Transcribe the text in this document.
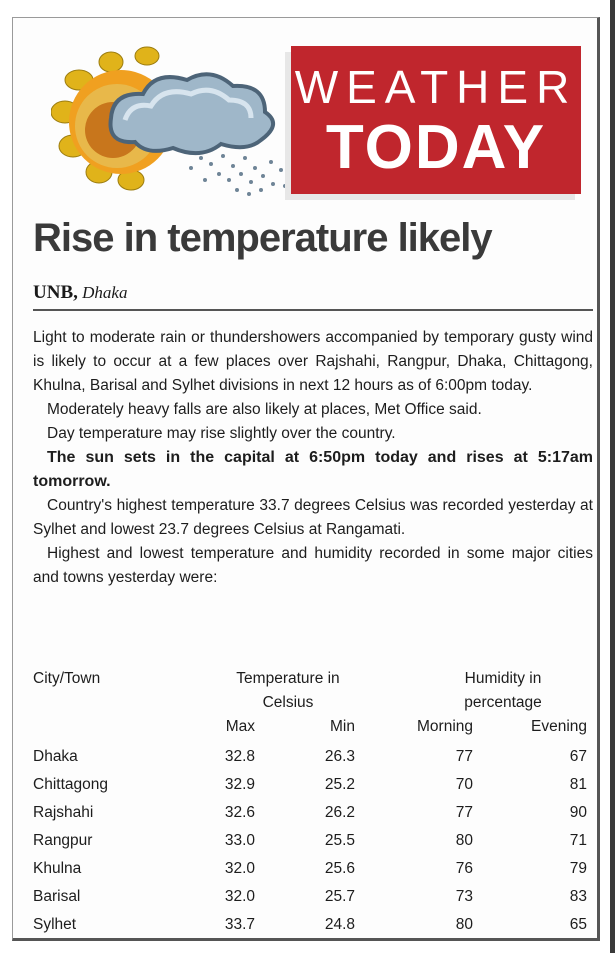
WEATHER
TODAY
Rise in temperature likely
UNB, Dhaka

Light to moderate rain or thundershowers accompanied by temporary gusty wind is likely to occur at a few places over Rajshahi, Rangpur, Dhaka, Chittagong, Khulna, Barisal and Sylhet divisions in next 12 hours as of 6:00pm today.

Moderately heavy falls are also likely at places, Met Office said.

Day temperature may rise slightly over the country.

The sun sets in the capital at 6:50pm today and rises at 5:17am tomorrow.

Country's highest temperature 33.7 degrees Celsius was recorded yesterday at Sylhet and lowest 23.7 degrees Celsius at Rangamati.

Highest and lowest temperature and humidity recorded in some major cities and towns yesterday were:

City/Town	Temperature in	Humidity in
Celsius	percentage
Max	Min	Morning	Evening
Dhaka	32.8	26.3	77	67
Chittagong	32.9	25.2	70	81
Rajshahi	32.6	26.2	77	90
Rangpur	33.0	25.5	80	71
Khulna	32.0	25.6	76	79
Barisal	32.0	25.7	73	83
Sylhet	33.7	24.8	80	65
